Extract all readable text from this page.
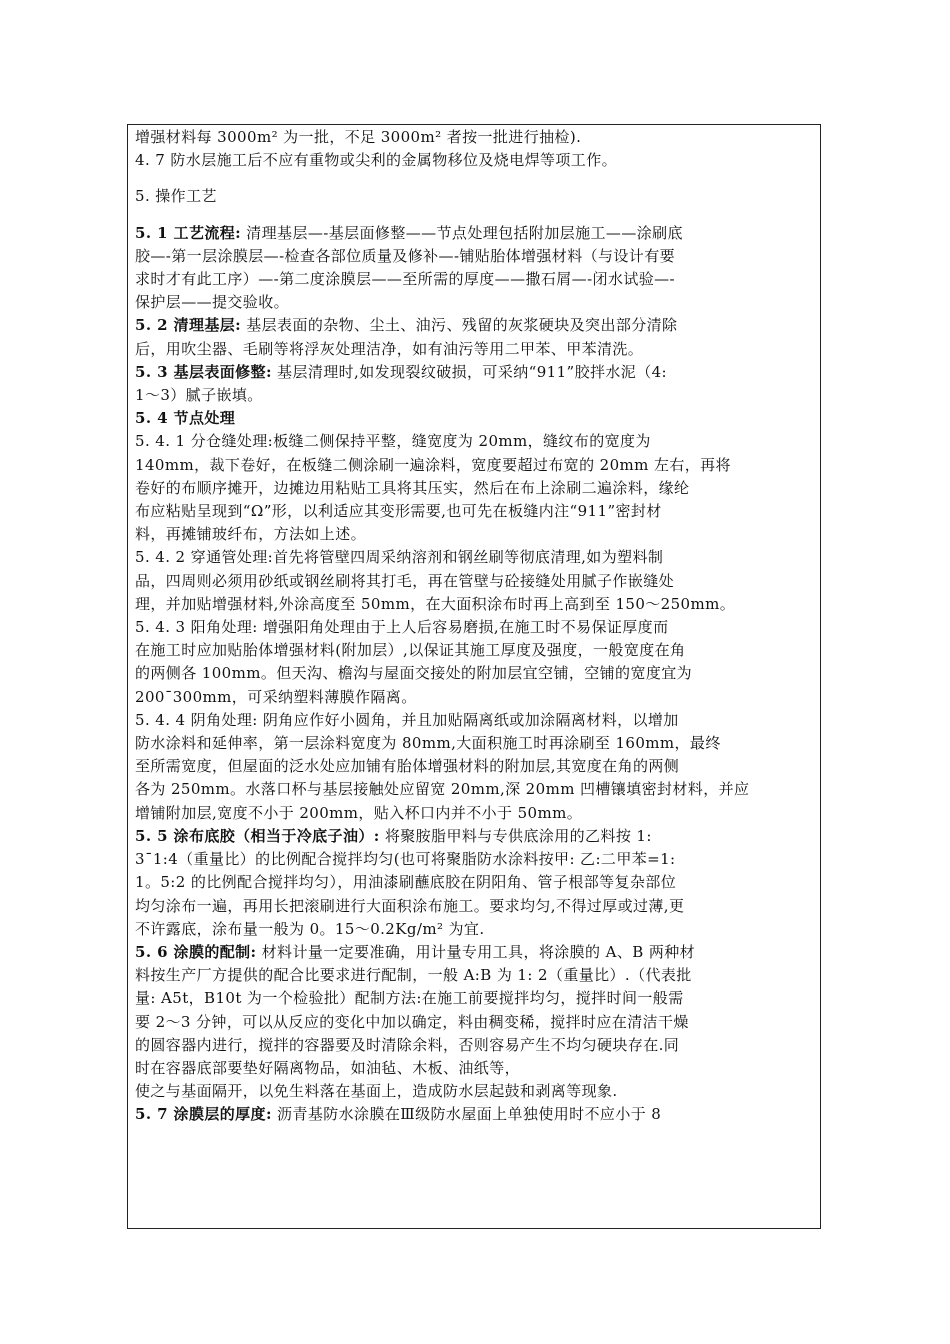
增强材料每 3000m² 为一批，不足 3000m² 者按一批进行抽检).
4. 7 防水层施工后不应有重物或尖利的金属物移位及烧电焊等项工作。
5. 操作工艺
5. 1 工艺流程: 清理基层—-基层面修整——节点处理包括附加层施工——涂刷底
胶—-第一层涂膜层—-检查各部位质量及修补—-铺贴胎体增强材料（与设计有要
求时才有此工序）—-第二度涂膜层——至所需的厚度——撒石屑—-闭水试验—-
保护层——提交验收。
5. 2 清理基层: 基层表面的杂物、尘土、油污、残留的灰浆硬块及突出部分清除
后，用吹尘器、毛刷等将浮灰处理洁净，如有油污等用二甲苯、甲苯清洗。
5. 3 基层表面修整: 基层清理时,如发现裂纹破损，可采纳“911”胶拌水泥（4:
1～3）腻子嵌填。
5. 4 节点处理
5. 4. 1 分仓缝处理:板缝二侧保持平整，缝宽度为 20mm，缝纹布的宽度为
140mm，裁下卷好，在板缝二侧涂刷一遍涂料，宽度要超过布宽的 20mm 左右，再将
卷好的布顺序摊开，边摊边用粘贴工具将其压实，然后在布上涂刷二遍涂料，缘纶
布应粘贴呈现到“Ω”形，以利适应其变形需要,也可先在板缝内注“911”密封材
料，再摊铺玻纤布，方法如上述。
5. 4. 2 穿通管处理:首先将管壁四周采纳溶剂和钢丝刷等彻底清理,如为塑料制
品，四周则必须用砂纸或钢丝刷将其打毛，再在管壁与砼接缝处用腻子作嵌缝处
理，并加贴增强材料,外涂高度至 50mm，在大面积涂布时再上高到至 150～250mm。
5. 4. 3 阳角处理: 增强阳角处理由于上人后容易磨损,在施工时不易保证厚度而
在施工时应加贴胎体增强材料(附加层）,以保证其施工厚度及强度，一般宽度在角
的两侧各 100mm。但天沟、檐沟与屋面交接处的附加层宜空铺，空铺的宽度宜为
200¯300mm，可采纳塑料薄膜作隔离。
5. 4. 4 阴角处理: 阴角应作好小圆角，并且加贴隔离纸或加涂隔离材料，以增加
防水涂料和延伸率，第一层涂料宽度为 80mm,大面积施工时再涂刷至 160mm，最终
至所需宽度，但屋面的泛水处应加铺有胎体增强材料的附加层,其宽度在角的两侧
各为 250mm。水落口杯与基层接触处应留宽 20mm,深 20mm 凹槽镶填密封材料，并应
增铺附加层,宽度不小于 200mm，贴入杯口内并不小于 50mm。
5. 5 涂布底胶（相当于冷底子油）: 将聚胺脂甲料与专供底涂用的乙料按 1:
3¯1:4（重量比）的比例配合搅拌均匀(也可将聚脂防水涂料按甲: 乙:二甲苯=1:
1。5:2 的比例配合搅拌均匀），用油漆刷蘸底胶在阴阳角、管子根部等复杂部位
均匀涂布一遍，再用长把滚刷进行大面积涂布施工。要求均匀,不得过厚或过薄,更
不许露底，涂布量一般为 0。15～0.2Kg/m² 为宜.
5. 6 涂膜的配制: 材料计量一定要准确，用计量专用工具，将涂膜的 A、B 两种材
料按生产厂方提供的配合比要求进行配制，一般 A:B 为 1: 2（重量比）.（代表批
量: A5t，B10t 为一个检验批）配制方法:在施工前要搅拌均匀，搅拌时间一般需
要 2～3 分钟，可以从反应的变化中加以确定，料由稠变稀，搅拌时应在清洁干燥
的圆容器内进行，搅拌的容器要及时清除余料，否则容易产生不均匀硬块存在.同
时在容器底部要垫好隔离物品，如油毡、木板、油纸等，
使之与基面隔开，以免生料落在基面上，造成防水层起鼓和剥离等现象.
5. 7 涂膜层的厚度: 沥青基防水涂膜在Ⅲ级防水屋面上单独使用时不应小于 8
